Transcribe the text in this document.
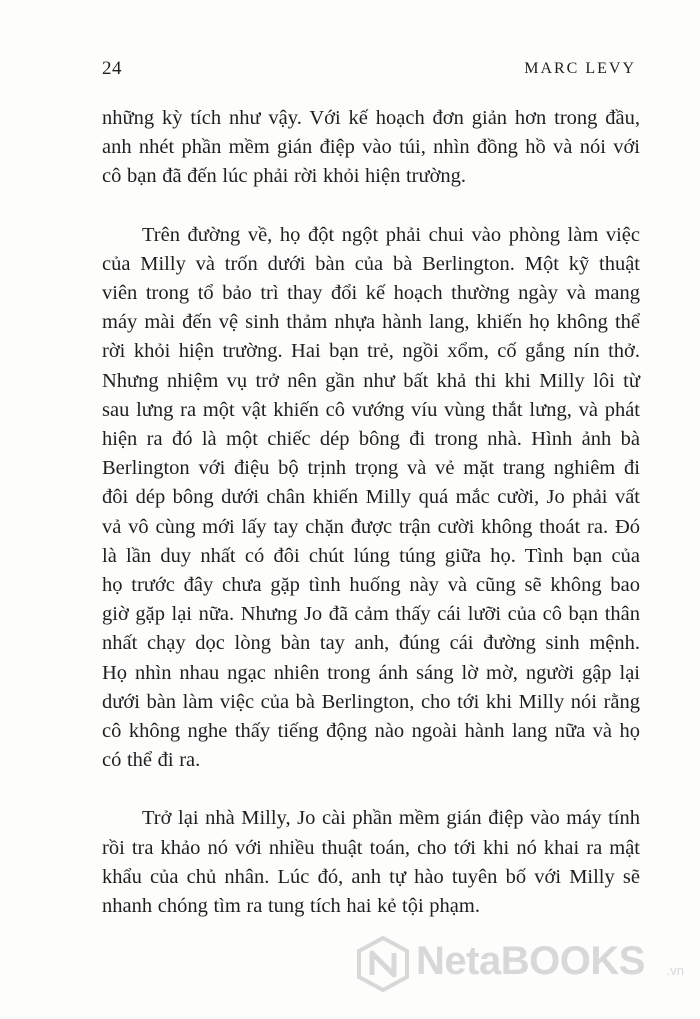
24	MARC LEVY

những kỳ tích như vậy. Với kế hoạch đơn giản hơn trong đầu,
anh nhét phần mềm gián điệp vào túi, nhìn đồng hồ và nói với
cô bạn đã đến lúc phải rời khỏi hiện trường.

Trên đường về, họ đột ngột phải chui vào phòng làm việc
của Milly và trốn dưới bàn của bà Berlington. Một kỹ thuật
viên trong tổ bảo trì thay đổi kế hoạch thường ngày và mang
máy mài đến vệ sinh thảm nhựa hành lang, khiến họ không thể
rời khỏi hiện trường. Hai bạn trẻ, ngồi xổm, cố gắng nín thở.
Nhưng nhiệm vụ trở nên gần như bất khả thi khi Milly lôi từ
sau lưng ra một vật khiến cô vướng víu vùng thắt lưng, và phát
hiện ra đó là một chiếc dép bông đi trong nhà. Hình ảnh bà
Berlington với điệu bộ trịnh trọng và vẻ mặt trang nghiêm đi
đôi dép bông dưới chân khiến Milly quá mắc cười, Jo phải vất
vả vô cùng mới lấy tay chặn được trận cười không thoát ra. Đó
là lần duy nhất có đôi chút lúng túng giữa họ. Tình bạn của
họ trước đây chưa gặp tình huống này và cũng sẽ không bao
giờ gặp lại nữa. Nhưng Jo đã cảm thấy cái lưỡi của cô bạn thân
nhất chạy dọc lòng bàn tay anh, đúng cái đường sinh mệnh.
Họ nhìn nhau ngạc nhiên trong ánh sáng lờ mờ, người gập lại
dưới bàn làm việc của bà Berlington, cho tới khi Milly nói rằng
cô không nghe thấy tiếng động nào ngoài hành lang nữa và họ
có thể đi ra.

Trở lại nhà Milly, Jo cài phần mềm gián điệp vào máy tính
rồi tra khảo nó với nhiều thuật toán, cho tới khi nó khai ra mật
khẩu của chủ nhân. Lúc đó, anh tự hào tuyên bố với Milly sẽ
nhanh chóng tìm ra tung tích hai kẻ tội phạm.

NetaBOOKS .vn
